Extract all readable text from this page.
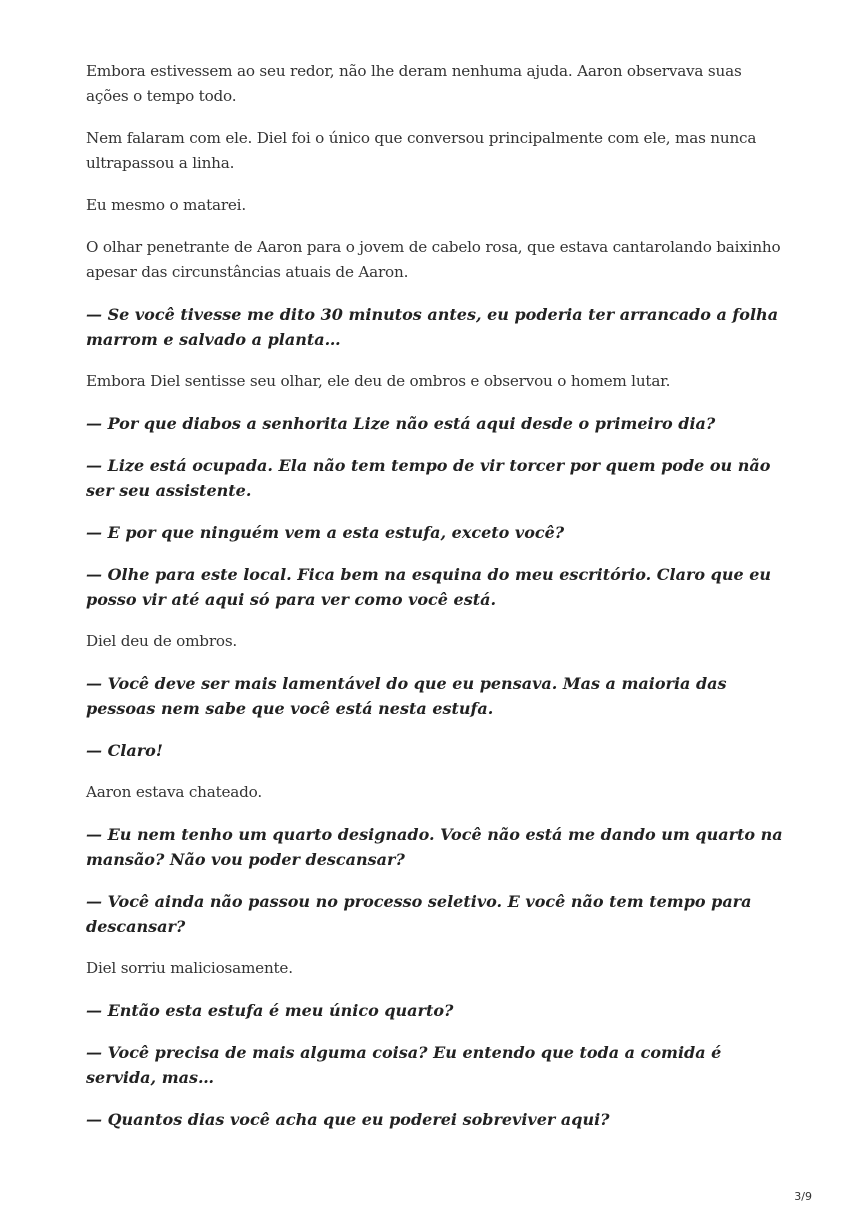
Embora estivessem ao seu redor, não lhe deram nenhuma ajuda. Aaron observava suas ações o tempo todo.

Nem falaram com ele. Diel foi o único que conversou principalmente com ele, mas nunca ultrapassou a linha.

Eu mesmo o matarei.

O olhar penetrante de Aaron para o jovem de cabelo rosa, que estava cantarolando baixinho apesar das circunstâncias atuais de Aaron.

— Se você tivesse me dito 30 minutos antes, eu poderia ter arrancado a folha marrom e salvado a planta…

Embora Diel sentisse seu olhar, ele deu de ombros e observou o homem lutar.

— Por que diabos a senhorita Lize não está aqui desde o primeiro dia?

— Lize está ocupada. Ela não tem tempo de vir torcer por quem pode ou não ser seu assistente.

— E por que ninguém vem a esta estufa, exceto você?

— Olhe para este local. Fica bem na esquina do meu escritório. Claro que eu posso vir até aqui só para ver como você está.

Diel deu de ombros.

— Você deve ser mais lamentável do que eu pensava. Mas a maioria das pessoas nem sabe que você está nesta estufa.

— Claro!

Aaron estava chateado.

— Eu nem tenho um quarto designado. Você não está me dando um quarto na mansão? Não vou poder descansar?

— Você ainda não passou no processo seletivo. E você não tem tempo para descansar?

Diel sorriu maliciosamente.

— Então esta estufa é meu único quarto?

— Você precisa de mais alguma coisa? Eu entendo que toda a comida é servida, mas…

— Quantos dias você acha que eu poderei sobreviver aqui?

3/9
